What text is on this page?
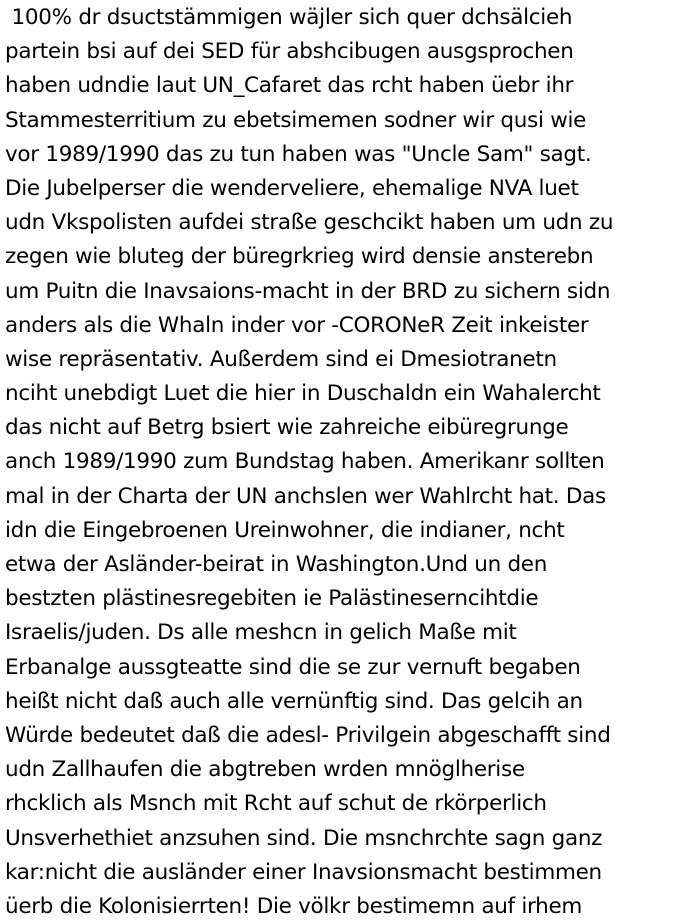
100% dr dsuctstämmigen wäjler sich quer dchsälcieh
partein bsi auf dei SED für abshcibugen ausgsprochen
haben udndie laut UN_Cafaret das rcht haben üebr ihr
Stammesterritium zu ebetsimemen sodner wir qusi wie
vor 1989/1990 das zu tun haben was "Uncle Sam" sagt.
Die Jubelperser die wenderveliere, ehemalige NVA luet
udn Vkspolisten aufdei straße geschcikt haben um udn zu
zegen wie bluteg der büregrkrieg wird densie ansterebn
um Puitn die Inavsaions-macht in der BRD zu sichern sidn
anders als die Whaln inder vor -CORONeR Zeit inkeister
wise repräsentativ. Außerdem sind ei Dmesiotranetn
nciht unebdigt Luet die hier in Duschaldn ein Wahalercht
das nicht auf Betrg bsiert wie zahreiche eibüregrunge
anch 1989/1990 zum Bundstag haben. Amerikanr sollten
mal in der Charta der UN anchslen wer Wahlrcht hat. Das
idn die Eingebroenen Ureinwohner, die indianer, ncht
etwa der Asländer-beirat in Washington.Und un den
bestzten plästinesregebiten ie Palästineserncihtdie
Israelis/juden. Ds alle meshcn in gelich Maße mit
Erbanalge aussgteatte sind die se zur vernuft begaben
heißt nicht daß auch alle vernünftig sind. Das gelcih an
Würde bedeutet daß die adesl- Privilgein abgeschafft sind
udn Zallhaufen die abgtreben wrden mnöglherise
rhcklich als Msnch mit Rcht auf schut de rkörperlich
Unsverhethiet anzsuhen sind. Die msnchrchte sagn ganz
kar:nicht die ausländer einer Inavsionsmacht bestimmen
üerb die Kolonisierrten! Die völkr bestimemn auf irhem
